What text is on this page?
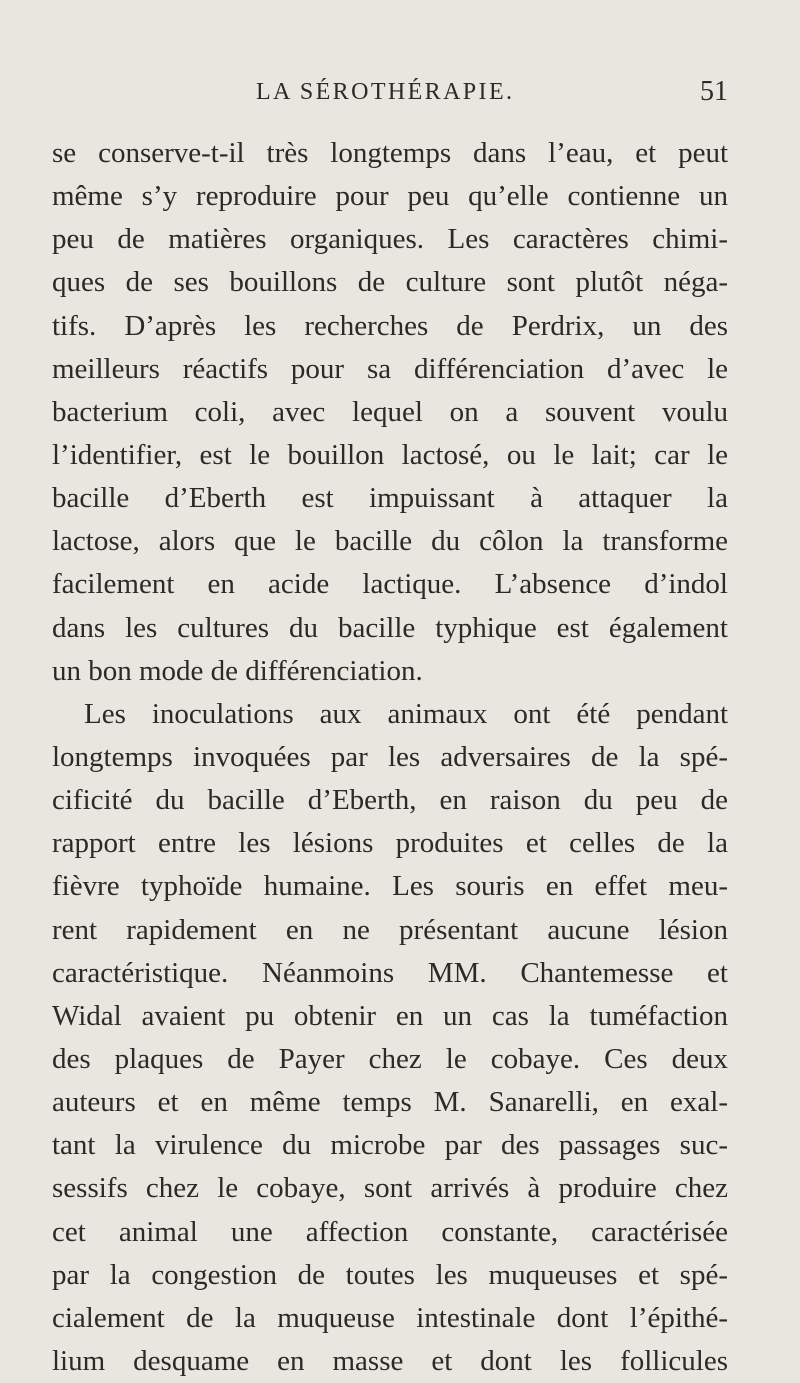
LA SÉROTHÉRAPIE.	51
se conserve-t-il très longtemps dans l’eau, et peut
même s’y reproduire pour peu qu’elle contienne un
peu de matières organiques. Les caractères chimi-
ques de ses bouillons de culture sont plutôt néga-
tifs. D’après les recherches de Perdrix, un des
meilleurs réactifs pour sa différenciation d’avec le
bacterium coli, avec lequel on a souvent voulu
l’identifier, est le bouillon lactosé, ou le lait; car le
bacille d’Eberth est impuissant à attaquer la
lactose, alors que le bacille du côlon la transforme
facilement en acide lactique. L’absence d’indol
dans les cultures du bacille typhique est également
un bon mode de différenciation.
Les inoculations aux animaux ont été pendant
longtemps invoquées par les adversaires de la spé-
cificité du bacille d’Eberth, en raison du peu de
rapport entre les lésions produites et celles de la
fièvre typhoïde humaine. Les souris en effet meu-
rent rapidement en ne présentant aucune lésion
caractéristique. Néanmoins MM. Chantemesse et
Widal avaient pu obtenir en un cas la tuméfaction
des plaques de Payer chez le cobaye. Ces deux
auteurs et en même temps M. Sanarelli, en exal-
tant la virulence du microbe par des passages suc-
sessifs chez le cobaye, sont arrivés à produire chez
cet animal une affection constante, caractérisée
par la congestion de toutes les muqueuses et spé-
cialement de la muqueuse intestinale dont l’épithé-
lium desquame en masse et dont les follicules
